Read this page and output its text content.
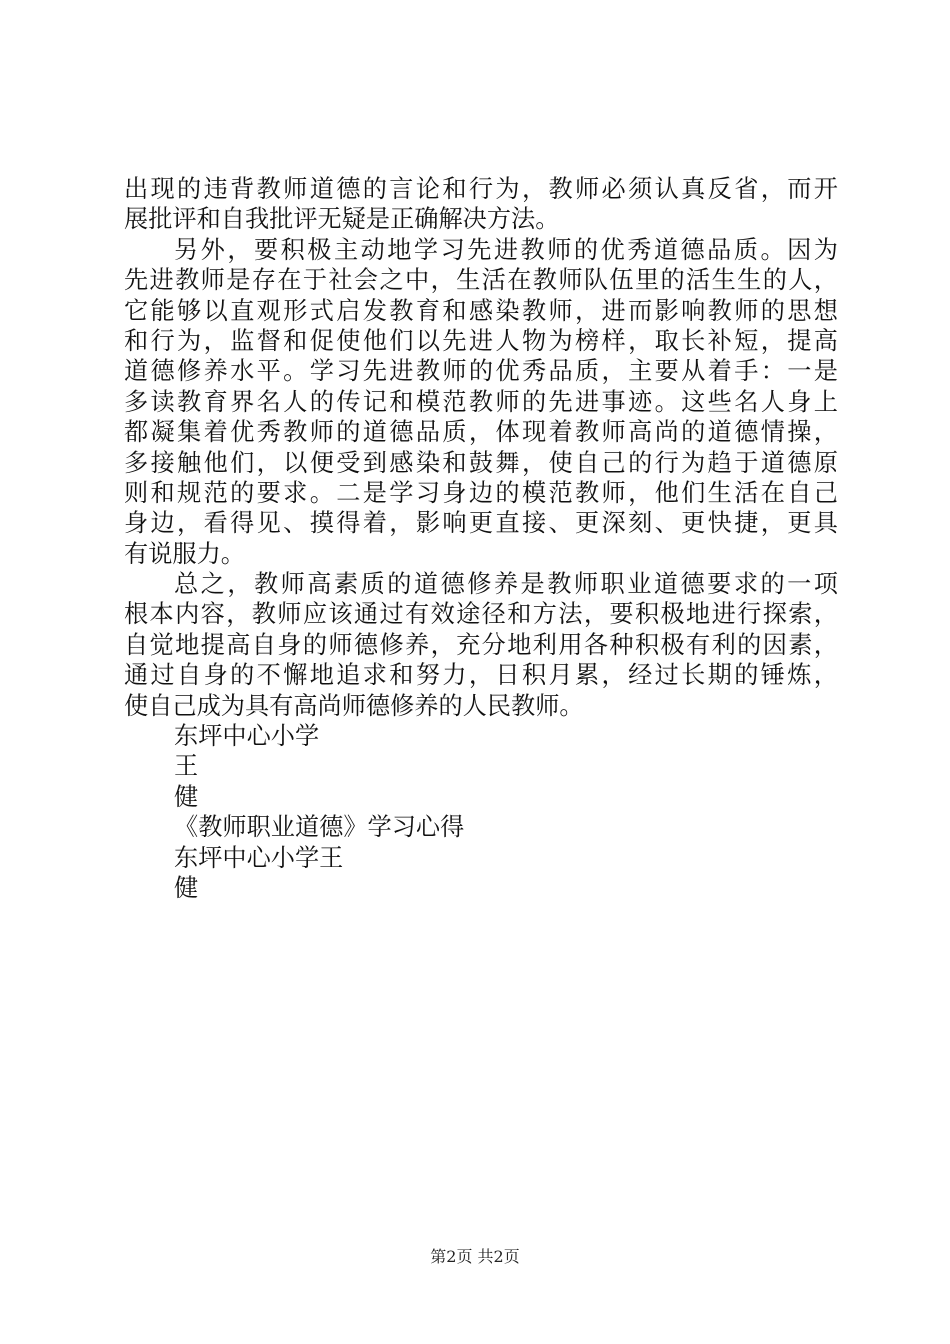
出现的违背教师道德的言论和行为，教师必须认真反省，而开
展批评和自我批评无疑是正确解决方法。
另外，要积极主动地学习先进教师的优秀道德品质。因为
先进教师是存在于社会之中，生活在教师队伍里的活生生的人，
它能够以直观形式启发教育和感染教师，进而影响教师的思想
和行为，监督和促使他们以先进人物为榜样，取长补短，提高
道德修养水平。学习先进教师的优秀品质，主要从着手：一是
多读教育界名人的传记和模范教师的先进事迹。这些名人身上
都凝集着优秀教师的道德品质，体现着教师高尚的道德情操，
多接触他们，以便受到感染和鼓舞，使自己的行为趋于道德原
则和规范的要求。二是学习身边的模范教师，他们生活在自己
身边，看得见、摸得着，影响更直接、更深刻、更快捷，更具
有说服力。
总之，教师高素质的道德修养是教师职业道德要求的一项
根本内容，教师应该通过有效途径和方法，要积极地进行探索，
自觉地提高自身的师德修养，充分地利用各种积极有利的因素，
通过自身的不懈地追求和努力，日积月累，经过长期的锤炼，
使自己成为具有高尚师德修养的人民教师。
东坪中心小学
王
健
《教师职业道德》学习心得
东坪中心小学王
健
第2页 共2页
